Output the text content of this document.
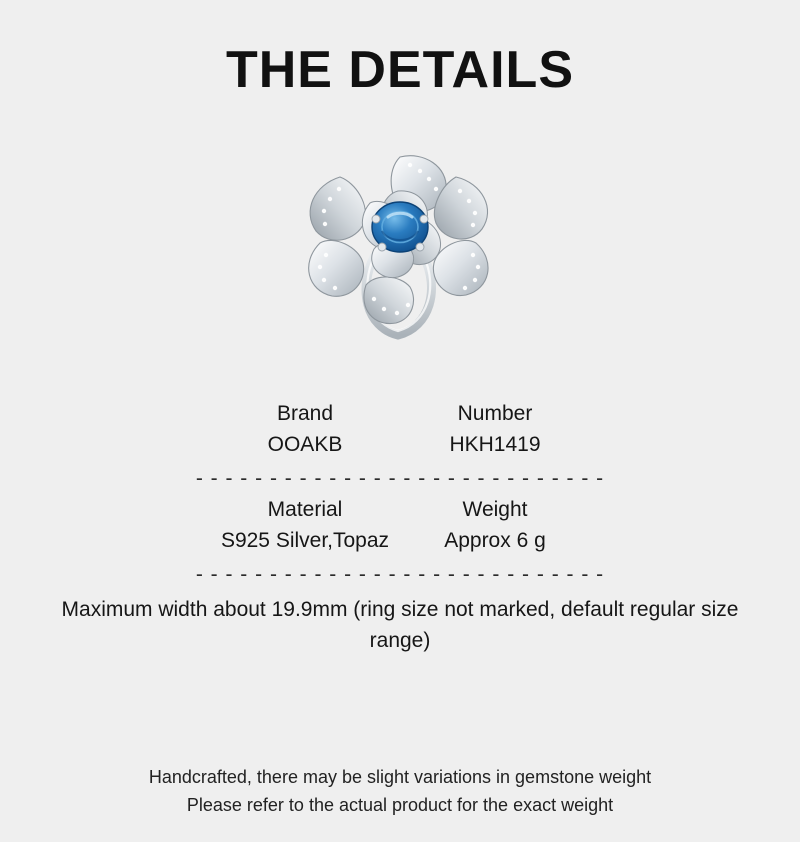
THE DETAILS
Brand	Number
OOAKB	HKH1419
- - - - - - - - - - - - - - - - - - - - - - - - - - - -
Material	Weight
S925 Silver,Topaz	Approx 6 g
- - - - - - - - - - - - - - - - - - - - - - - - - - - -
Maximum width about 19.9mm (ring size not marked, default regular size range)
Handcrafted, there may be slight variations in gemstone weight
Please refer to the actual product for the exact weight
